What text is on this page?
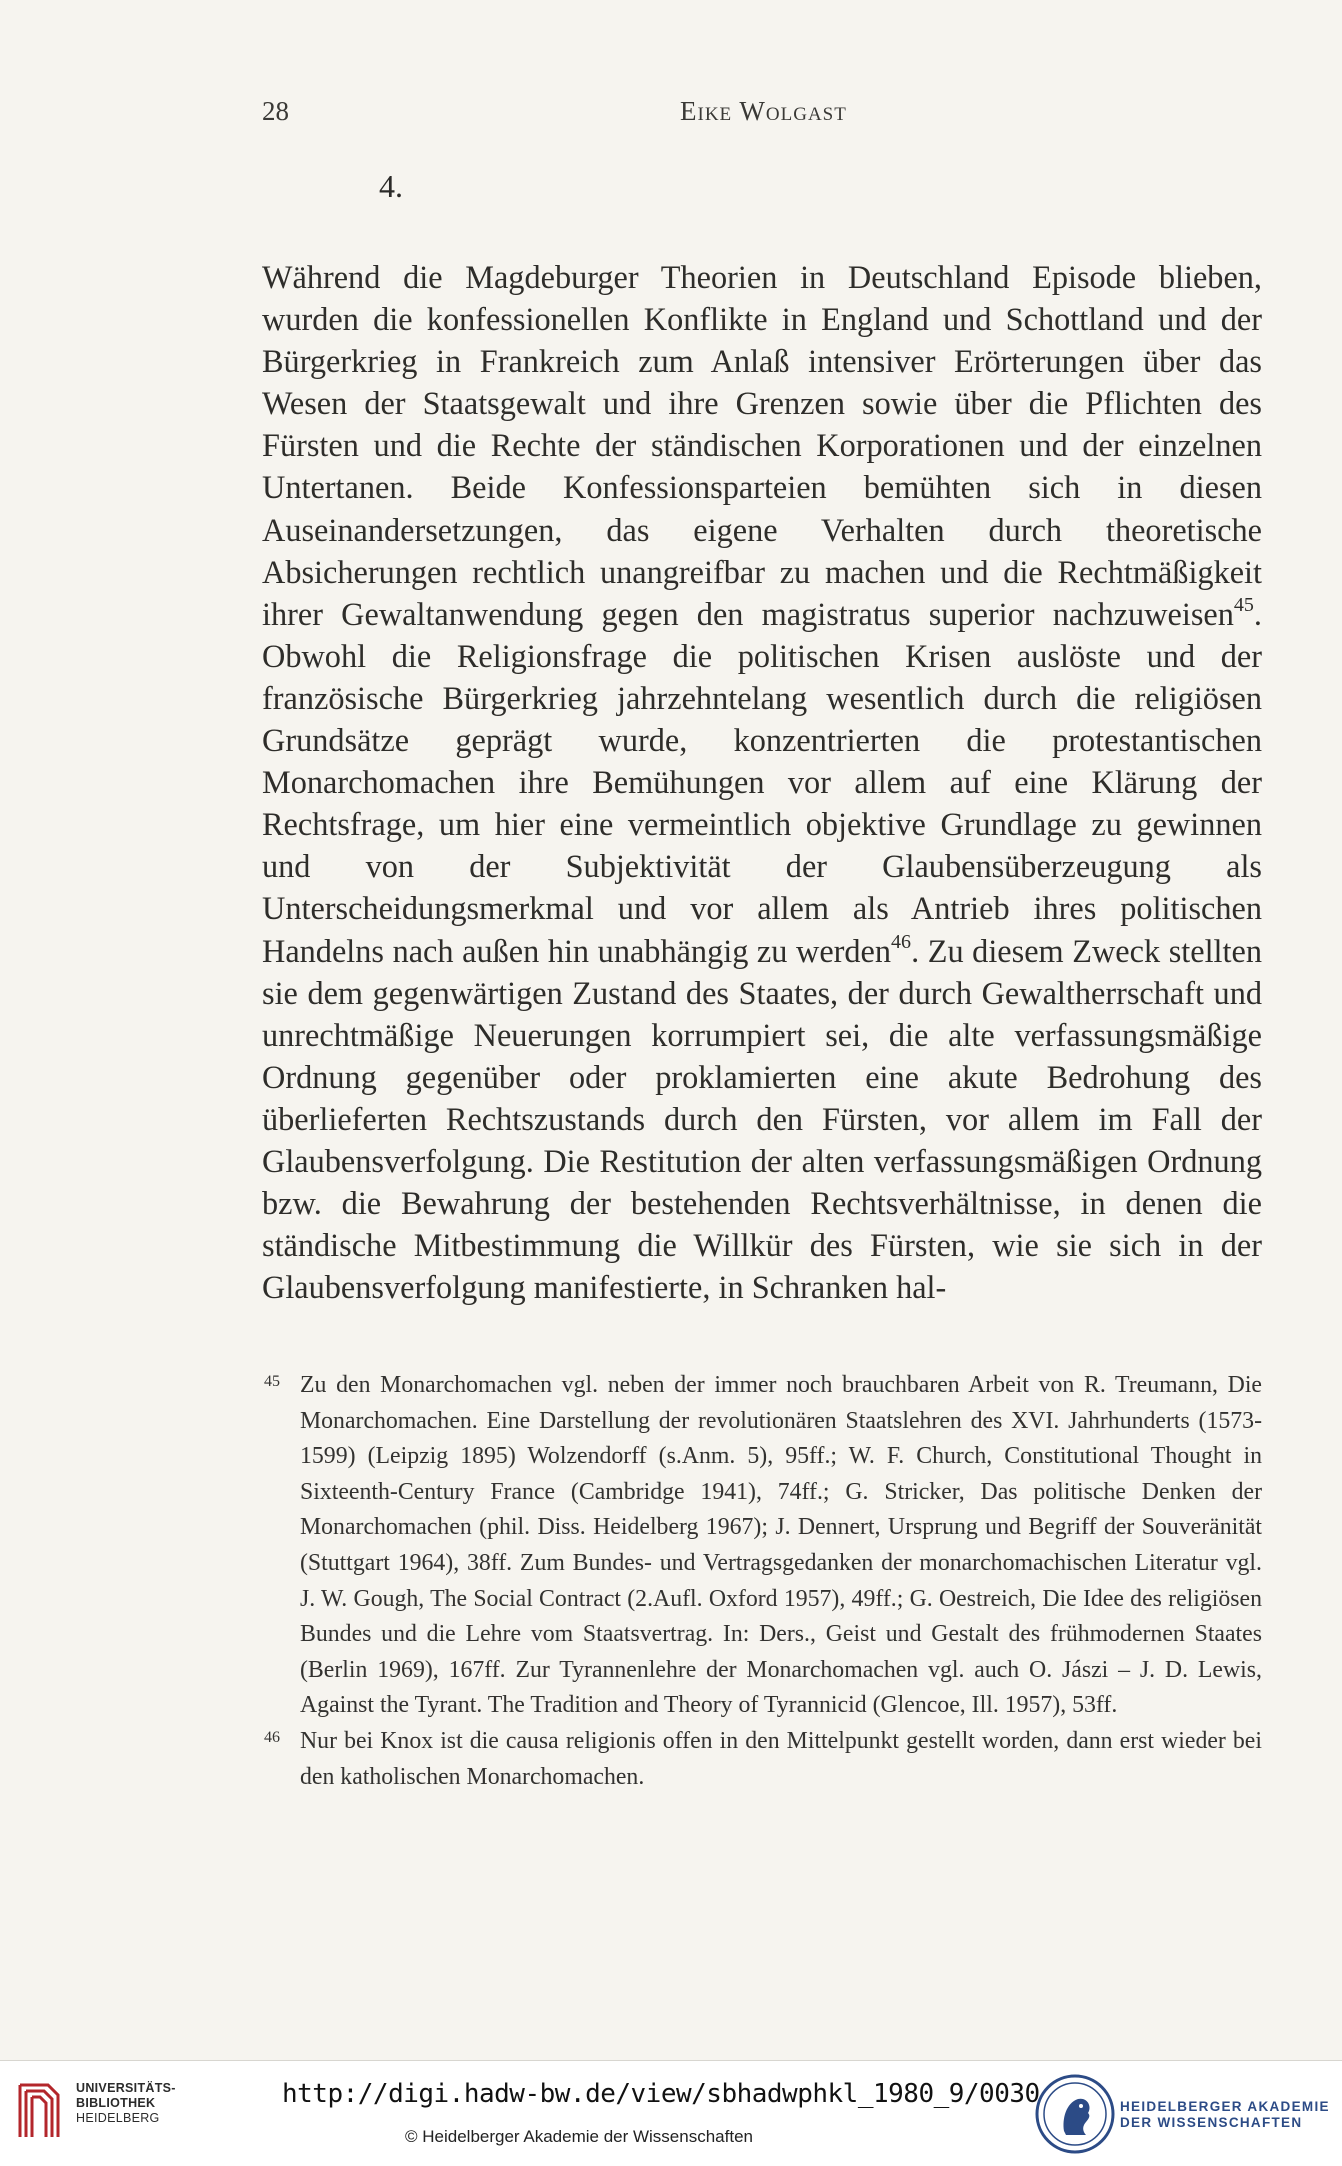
28	Eike Wolgast
4.

Während die Magdeburger Theorien in Deutschland Episode blieben, wurden die konfessionellen Konflikte in England und Schottland und der Bürgerkrieg in Frankreich zum Anlaß intensiver Erörterungen über das Wesen der Staatsgewalt und ihre Grenzen sowie über die Pflichten des Fürsten und die Rechte der ständischen Korporationen und der einzelnen Untertanen. Beide Konfessionsparteien bemühten sich in diesen Auseinandersetzungen, das eigene Verhalten durch theoretische Absicherungen rechtlich unangreifbar zu machen und die Rechtmäßigkeit ihrer Gewaltanwendung gegen den magistratus superior nachzuweisen$^{45}$. Obwohl die Religionsfrage die politischen Krisen auslöste und der französische Bürgerkrieg jahrzehntelang wesentlich durch die religiösen Grundsätze geprägt wurde, konzentrierten die protestantischen Monarchomachen ihre Bemühungen vor allem auf eine Klärung der Rechtsfrage, um hier eine vermeintlich objektive Grundlage zu gewinnen und von der Subjektivität der Glaubensüberzeugung als Unterscheidungsmerkmal und vor allem als Antrieb ihres politischen Handelns nach außen hin unabhängig zu werden$^{46}$. Zu diesem Zweck stellten sie dem gegenwärtigen Zustand des Staates, der durch Gewaltherrschaft und unrechtmäßige Neuerungen korrumpiert sei, die alte verfassungsmäßige Ordnung gegenüber oder proklamierten eine akute Bedrohung des überlieferten Rechtszustands durch den Fürsten, vor allem im Fall der Glaubensverfolgung. Die Restitution der alten verfassungsmäßigen Ordnung bzw. die Bewahrung der bestehenden Rechtsverhältnisse, in denen die ständische Mitbestimmung die Willkür des Fürsten, wie sie sich in der Glaubensverfolgung manifestierte, in Schranken hal-

45 Zu den Monarchomachen vgl. neben der immer noch brauchbaren Arbeit von R. Treumann, Die Monarchomachen. Eine Darstellung der revolutionären Staatslehren des XVI. Jahrhunderts (1573-1599) (Leipzig 1895) Wolzendorff (s.Anm. 5), 95ff.; W. F. Church, Constitutional Thought in Sixteenth-Century France (Cambridge 1941), 74ff.; G. Stricker, Das politische Denken der Monarchomachen (phil. Diss. Heidelberg 1967); J. Dennert, Ursprung und Begriff der Souveränität (Stuttgart 1964), 38ff. Zum Bundes- und Vertragsgedanken der monarchomachischen Literatur vgl. J. W. Gough, The Social Contract (2.Aufl. Oxford 1957), 49ff.; G. Oestreich, Die Idee des religiösen Bundes und die Lehre vom Staatsvertrag. In: Ders., Geist und Gestalt des frühmodernen Staates (Berlin 1969), 167ff. Zur Tyrannenlehre der Monarchomachen vgl. auch O. Jászi – J. D. Lewis, Against the Tyrant. The Tradition and Theory of Tyrannicid (Glencoe, Ill. 1957), 53ff.

46 Nur bei Knox ist die causa religionis offen in den Mittelpunkt gestellt worden, dann erst wieder bei den katholischen Monarchomachen.

UNIVERSITÄTS-
BIBLIOTHEK
HEIDELBERG
http://digi.hadw-bw.de/view/sbhadwphkl_1980_9/0030
© Heidelberger Akademie der Wissenschaften
HEIDELBERGER AKADEMIE
DER WISSENSCHAFTEN
